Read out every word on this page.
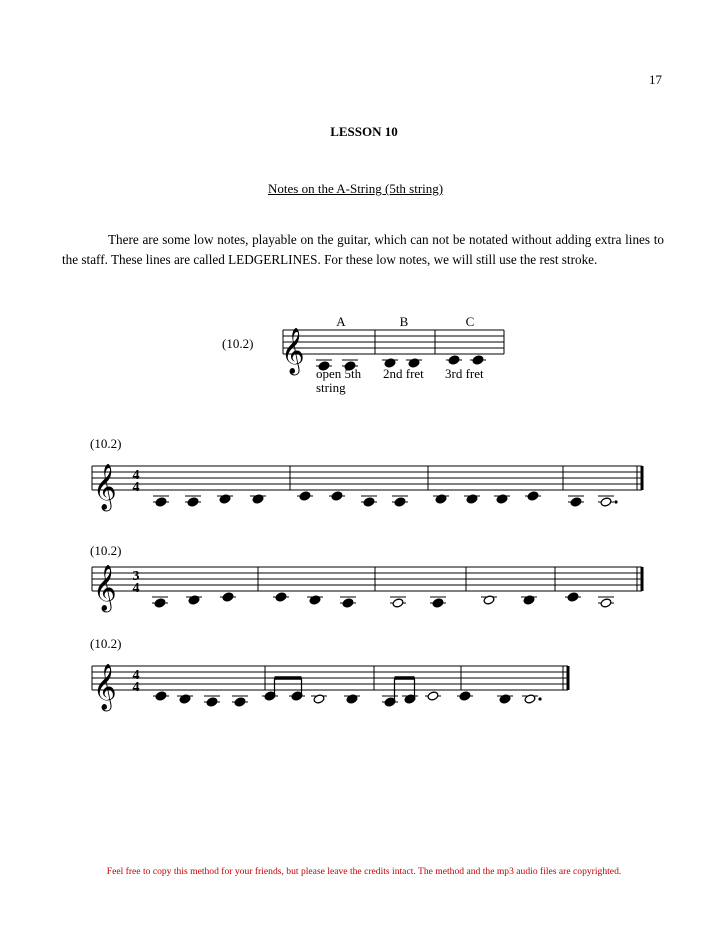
17
LESSON 10
Notes on the A-String (5th string)
There are some low notes, playable on the guitar, which can not be notated without adding extra lines to the staff. These lines are called LEDGERLINES. For these low notes, we will still use the rest stroke.
(10.2) 𝄞
A
open 5th
string
B
2nd fret
C
3rd fret
(10.2)
(10.2)
(10.2)
𝄞 4
4
𝄞 3
4
𝄞 4
4
Feel free to copy this method for your friends, but please leave the credits intact. The method and the mp3 audio files are copyrighted.
